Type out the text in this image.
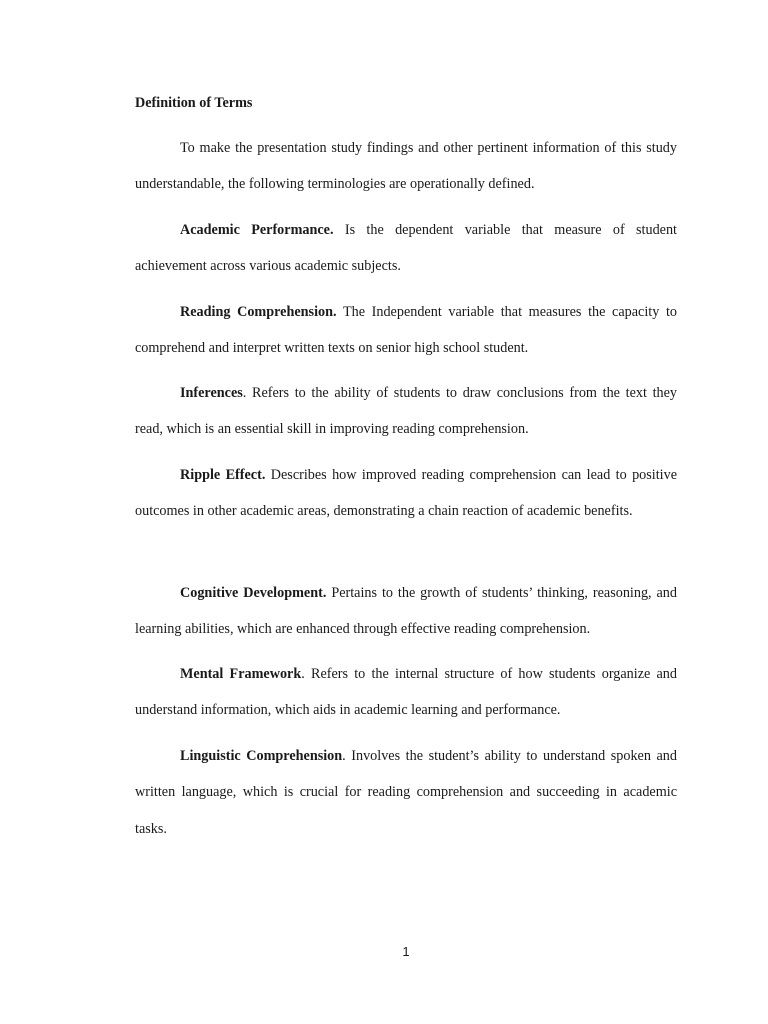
Definition of Terms

To make the presentation study findings and other pertinent information of this study understandable, the following terminologies are operationally defined.

Academic Performance. Is the dependent variable that measure of student achievement across various academic subjects.

Reading Comprehension. The Independent variable that measures the capacity to comprehend and interpret written texts on senior high school student.

Inferences. Refers to the ability of students to draw conclusions from the text they read, which is an essential skill in improving reading comprehension.

Ripple Effect. Describes how improved reading comprehension can lead to positive outcomes in other academic areas, demonstrating a chain reaction of academic benefits.

Cognitive Development. Pertains to the growth of students’ thinking, reasoning, and learning abilities, which are enhanced through effective reading comprehension.

Mental Framework. Refers to the internal structure of how students organize and understand information, which aids in academic learning and performance.

Linguistic Comprehension. Involves the student’s ability to understand spoken and written language, which is crucial for reading comprehension and succeeding in academic tasks.

1
